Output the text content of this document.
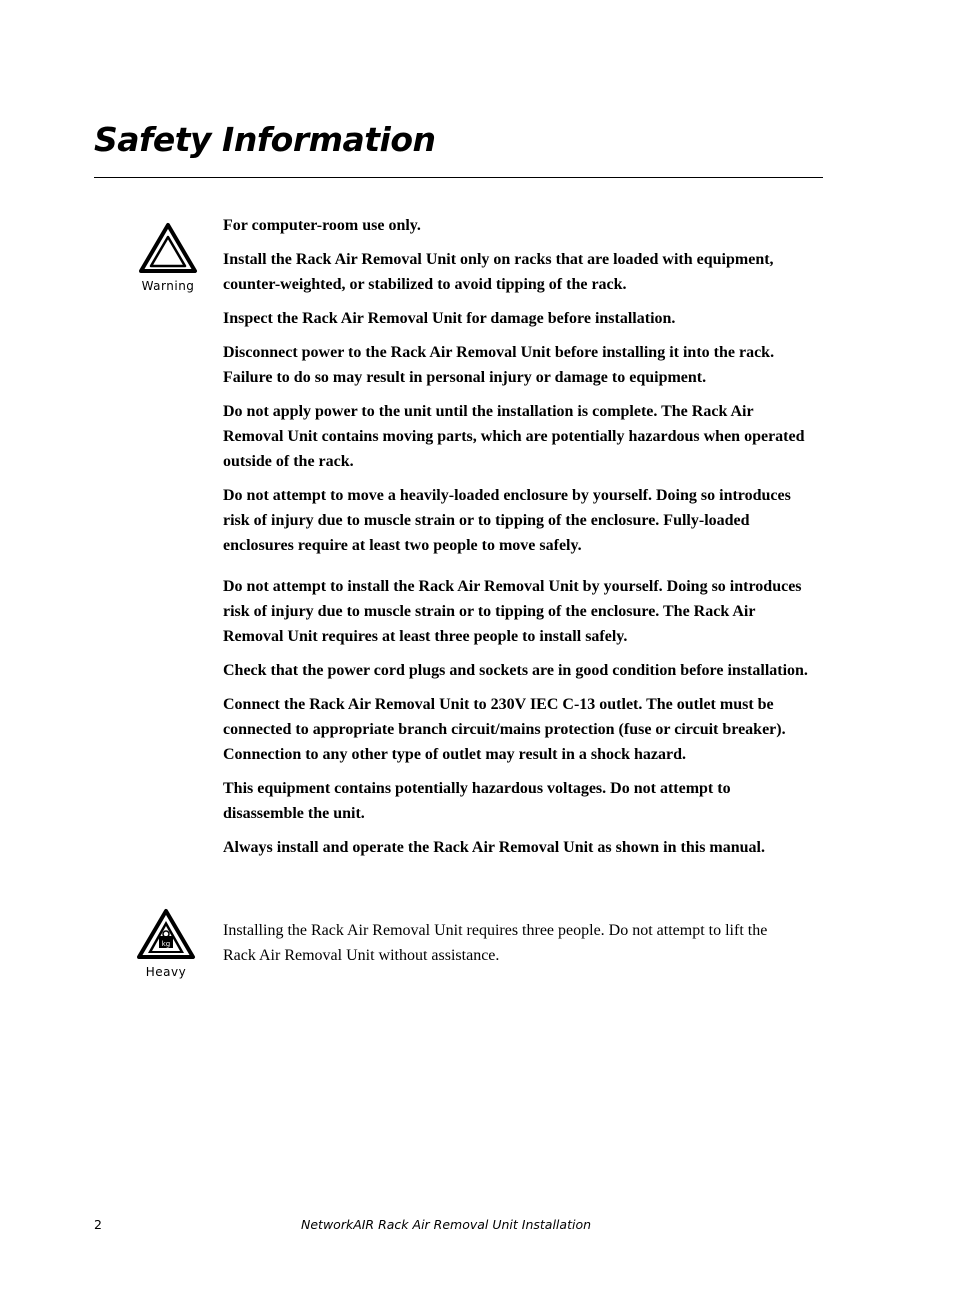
Safety Information
Warning

For computer-room use only.

Install the Rack Air Removal Unit only on racks that are loaded with equipment, counter-weighted, or stabilized to avoid tipping of the rack.

Inspect the Rack Air Removal Unit for damage before installation.

Disconnect power to the Rack Air Removal Unit before installing it into the rack. Failure to do so may result in personal injury or damage to equipment.

Do not apply power to the unit until the installation is complete. The Rack Air Removal Unit contains moving parts, which are potentially hazardous when operated outside of the rack.

Do not attempt to move a heavily-loaded enclosure by yourself. Doing so introduces risk of injury due to muscle strain or to tipping of the enclosure. Fully-loaded enclosures require at least two people to move safely.

Do not attempt to install the Rack Air Removal Unit by yourself. Doing so introduces risk of injury due to muscle strain or to tipping of the enclosure. The Rack Air Removal Unit requires at least three people to install safely.

Check that the power cord plugs and sockets are in good condition before installation.

Connect the Rack Air Removal Unit to 230V IEC C-13 outlet. The outlet must be connected to appropriate branch circuit/mains protection (fuse or circuit breaker). Connection to any other type of outlet may result in a shock hazard.

This equipment contains potentially hazardous voltages. Do not attempt to disassemble the unit.

Always install and operate the Rack Air Removal Unit as shown in this manual.

kg
Heavy

Installing the Rack Air Removal Unit requires three people. Do not attempt to lift the Rack Air Removal Unit without assistance.

2	NetworkAIR Rack Air Removal Unit Installation
